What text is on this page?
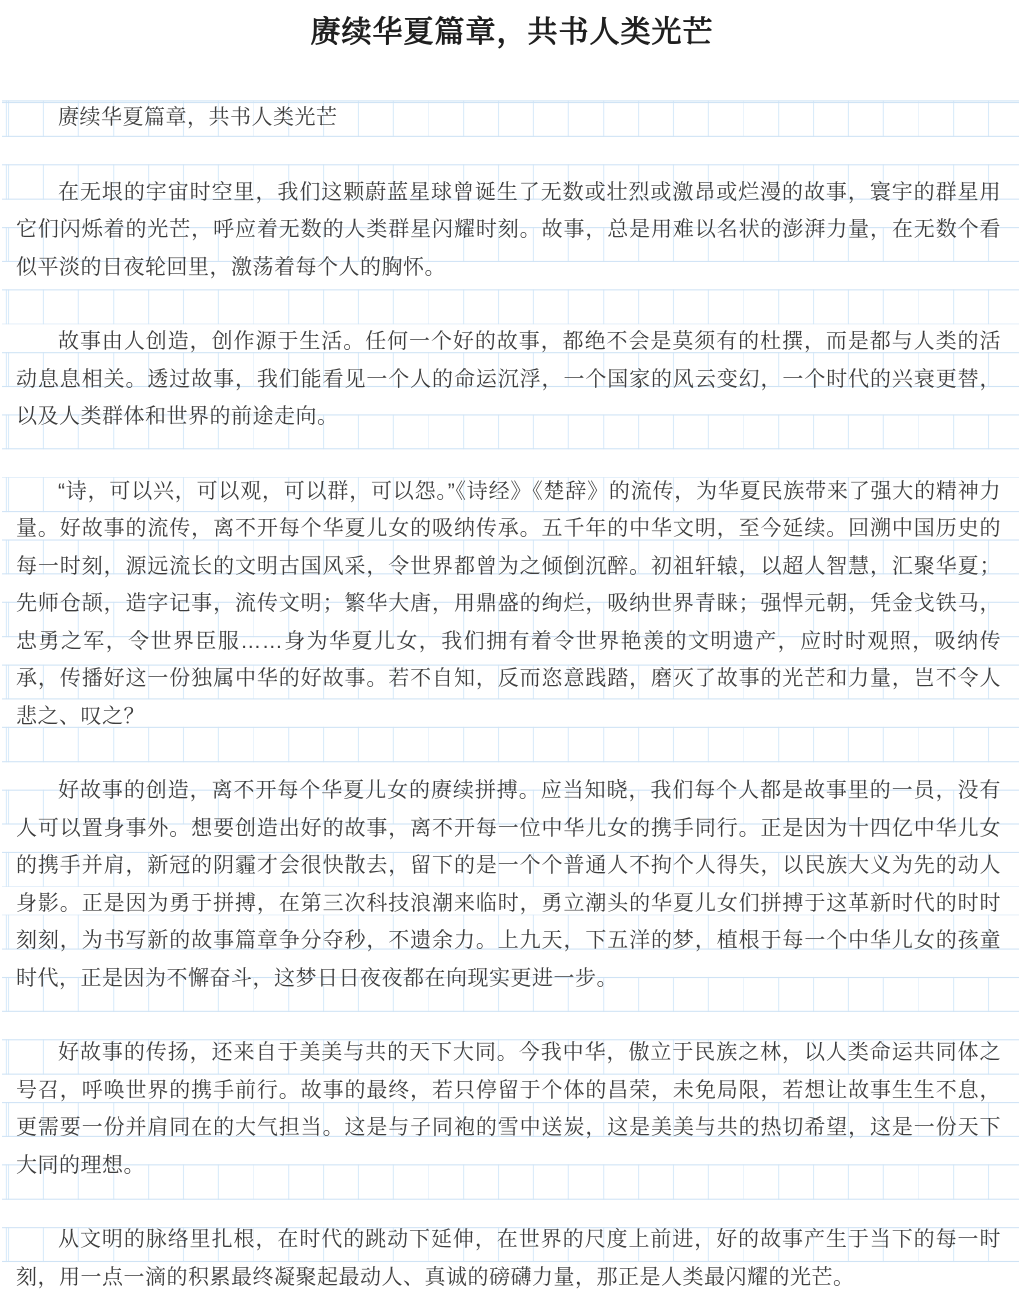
赓续华夏篇章，共书人类光芒

赓续华夏篇章，共书人类光芒

在无垠的宇宙时空里，我们这颗蔚蓝星球曾诞生了无数或壮烈或激昂或烂漫的故事，寰宇的群星用它们闪烁着的光芒，呼应着无数的人类群星闪耀时刻。故事，总是用难以名状的澎湃力量，在无数个看似平淡的日夜轮回里，激荡着每个人的胸怀。

故事由人创造，创作源于生活。任何一个好的故事，都绝不会是莫须有的杜撰，而是都与人类的活动息息相关。透过故事，我们能看见一个人的命运沉浮，一个国家的风云变幻，一个时代的兴衰更替，以及人类群体和世界的前途走向。

“诗，可以兴，可以观，可以群，可以怨。”《诗经》《楚辞》的流传，为华夏民族带来了强大的精神力量。好故事的流传，离不开每个华夏儿女的吸纳传承。五千年的中华文明，至今延续。回溯中国历史的每一时刻，源远流长的文明古国风采，令世界都曾为之倾倒沉醉。初祖轩辕，以超人智慧，汇聚华夏；先师仓颉，造字记事，流传文明；繁华大唐，用鼎盛的绚烂，吸纳世界青睐；强悍元朝，凭金戈铁马，忠勇之军，令世界臣服……身为华夏儿女，我们拥有着令世界艳羡的文明遗产，应时时观照，吸纳传承，传播好这一份独属中华的好故事。若不自知，反而恣意践踏，磨灭了故事的光芒和力量，岂不令人悲之、叹之？

好故事的创造，离不开每个华夏儿女的赓续拼搏。应当知晓，我们每个人都是故事里的一员，没有人可以置身事外。想要创造出好的故事，离不开每一位中华儿女的携手同行。正是因为十四亿中华儿女的携手并肩，新冠的阴霾才会很快散去，留下的是一个个普通人不拘个人得失，以民族大义为先的动人身影。正是因为勇于拼搏，在第三次科技浪潮来临时，勇立潮头的华夏儿女们拼搏于这革新时代的时时刻刻，为书写新的故事篇章争分夺秒，不遗余力。上九天，下五洋的梦，植根于每一个中华儿女的孩童时代，正是因为不懈奋斗，这梦日日夜夜都在向现实更进一步。

好故事的传扬，还来自于美美与共的天下大同。今我中华，傲立于民族之林，以人类命运共同体之号召，呼唤世界的携手前行。故事的最终，若只停留于个体的昌荣，未免局限，若想让故事生生不息，更需要一份并肩同在的大气担当。这是与子同袍的雪中送炭，这是美美与共的热切希望，这是一份天下大同的理想。

从文明的脉络里扎根，在时代的跳动下延伸，在世界的尺度上前进，好的故事产生于当下的每一时刻，用一点一滴的积累最终凝聚起最动人、真诚的磅礴力量，那正是人类最闪耀的光芒。
